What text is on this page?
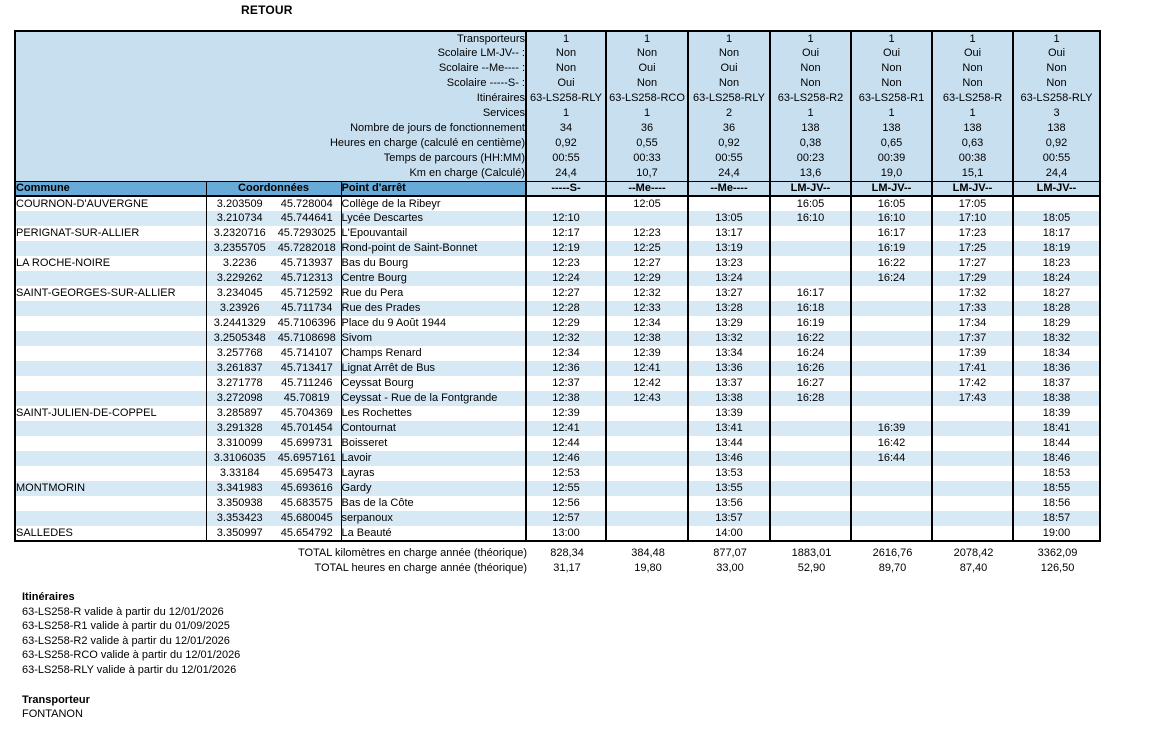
RETOUR
Transporteurs				1	1	1	1	1	1	1
Scolaire LM-JV-- :				Non	Non	Non	Oui	Oui	Oui	Oui
Scolaire --Me---- :				Non	Oui	Oui	Non	Non	Non	Non
Scolaire -----S- :				Oui	Non	Non	Non	Non	Non	Non
Itinéraires				63-LS258-RLY	63-LS258-RCO	63-LS258-RLY	63-LS258-R2	63-LS258-R1	63-LS258-R	63-LS258-RLY
Services				1	1	2	1	1	1	3
Nombre de jours de fonctionnement				34	36	36	138	138	138	138
Heures en charge (calculé en centième)				0,92	0,55	0,92	0,38	0,65	0,63	0,92
Temps de parcours (HH:MM)				00:55	00:33	00:55	00:23	00:39	00:38	00:55
Km en charge (Calculé)				24,4	10,7	24,4	13,6	19,0	15,1	24,4
Commune	Coordonnées		Point d'arrêt	-----S-	--Me----	--Me----	LM-JV--	LM-JV--	LM-JV--	LM-JV--
COURNON-D'AUVERGNE	3.203509	45.728004	Collège de la Ribeyr		12:05		16:05	16:05	17:05	
	3.210734	45.744641	Lycée Descartes	12:10		13:05	16:10	16:10	17:10	18:05
PERIGNAT-SUR-ALLIER	3.2320716	45.7293025	L'Epouvantail	12:17	12:23	13:17		16:17	17:23	18:17
	3.2355705	45.7282018	Rond-point de Saint-Bonnet	12:19	12:25	13:19		16:19	17:25	18:19
LA ROCHE-NOIRE	3.2236	45.713937	Bas du Bourg	12:23	12:27	13:23		16:22	17:27	18:23
	3.229262	45.712313	Centre Bourg	12:24	12:29	13:24		16:24	17:29	18:24
SAINT-GEORGES-SUR-ALLIER	3.234045	45.712592	Rue du Pera	12:27	12:32	13:27	16:17		17:32	18:27
	3.23926	45.711734	Rue des Prades	12:28	12:33	13:28	16:18		17:33	18:28
	3.2441329	45.7106396	Place du 9 Août 1944	12:29	12:34	13:29	16:19		17:34	18:29
	3.2505348	45.7108698	Sivom	12:32	12:38	13:32	16:22		17:37	18:32
	3.257768	45.714107	Champs Renard	12:34	12:39	13:34	16:24		17:39	18:34
	3.261837	45.713417	Lignat Arrêt de Bus	12:36	12:41	13:36	16:26		17:41	18:36
	3.271778	45.711246	Ceyssat Bourg	12:37	12:42	13:37	16:27		17:42	18:37
	3.272098	45.70819	Ceyssat - Rue de la Fontgrande	12:38	12:43	13:38	16:28		17:43	18:38
SAINT-JULIEN-DE-COPPEL	3.285897	45.704369	Les Rochettes	12:39		13:39				18:39
	3.291328	45.701454	Contournat	12:41		13:41		16:39		18:41
	3.310099	45.699731	Boisseret	12:44		13:44		16:42		18:44
	3.3106035	45.6957161	Lavoir	12:46		13:46		16:44		18:46
	3.33184	45.695473	Layras	12:53		13:53				18:53
MONTMORIN	3.341983	45.693616	Gardy	12:55		13:55				18:55
	3.350938	45.683575	Bas de la Côte	12:56		13:56				18:56
	3.353423	45.680045	serpanoux	12:57		13:57				18:57
SALLEDES	3.350997	45.654792	La Beauté	13:00		14:00				19:00
TOTAL kilomètres en charge année (théorique)	828,34	384,48	877,07	1883,01	2616,76	2078,42	3362,09
TOTAL heures en charge année (théorique)	31,17	19,80	33,00	52,90	89,70	87,40	126,50
Itinéraires
63-LS258-R valide à partir du 12/01/2026
63-LS258-R1 valide à partir du 01/09/2025
63-LS258-R2 valide à partir du 12/01/2026
63-LS258-RCO valide à partir du 12/01/2026
63-LS258-RLY valide à partir du 12/01/2026
Transporteur
FONTANON
